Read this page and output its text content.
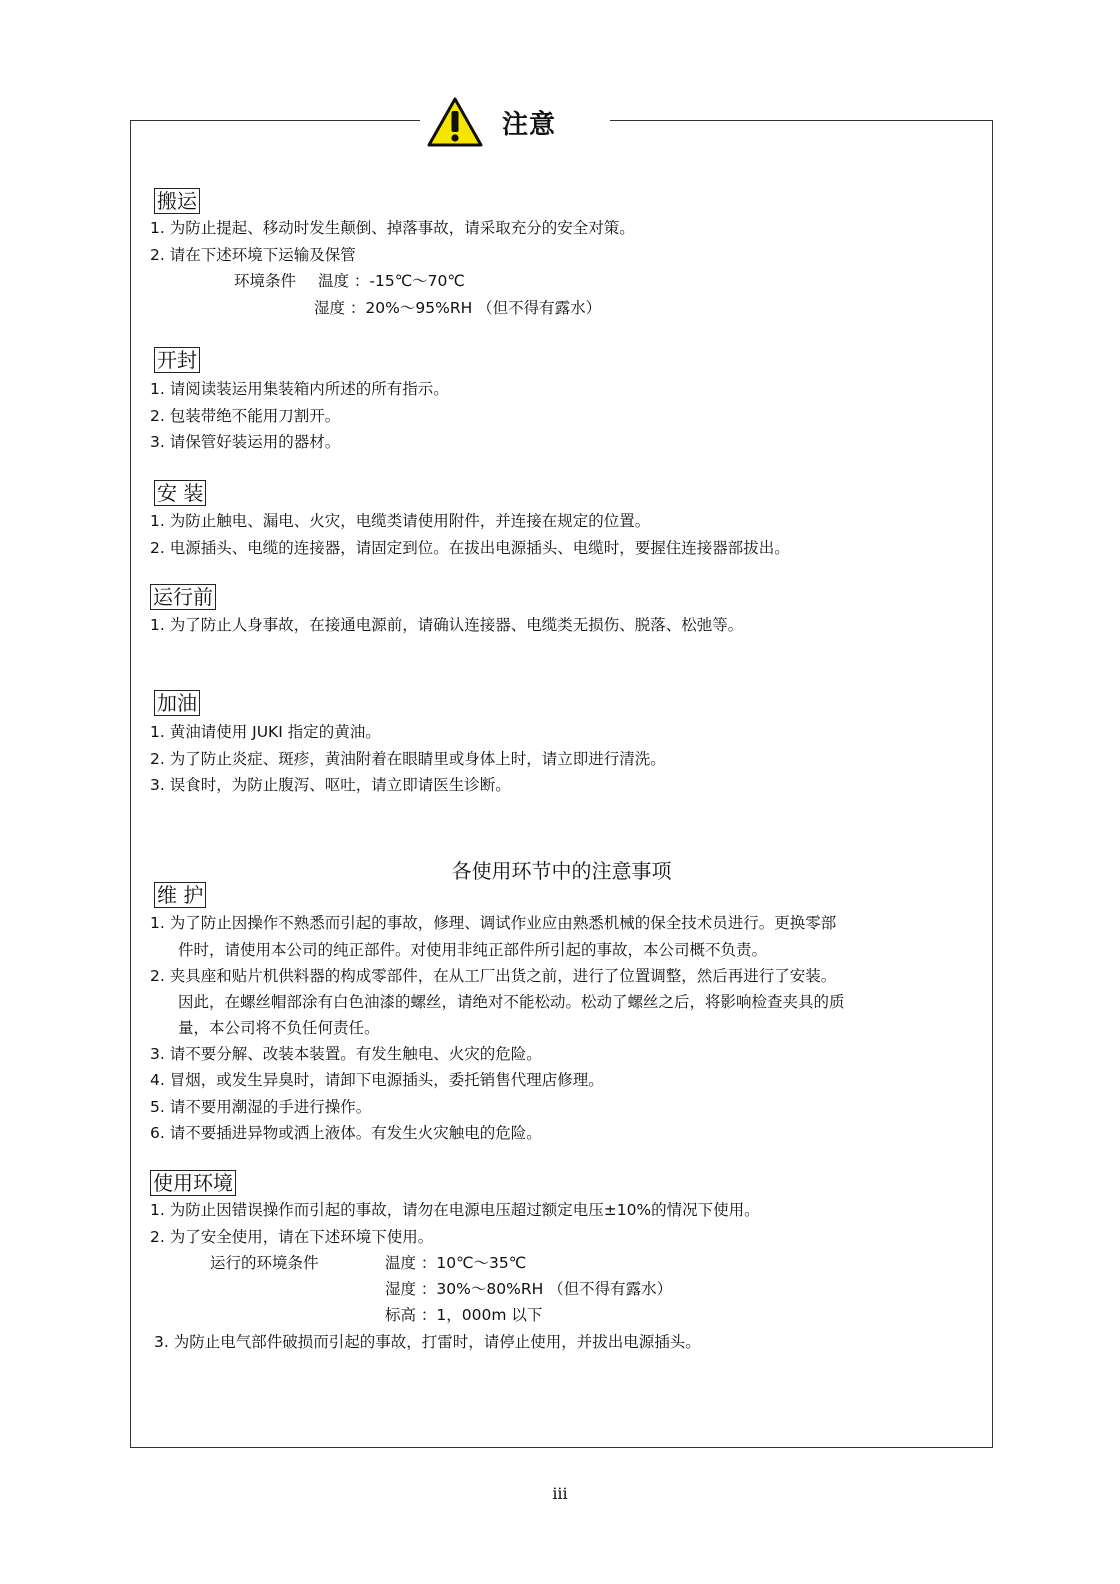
注意
搬运
1. 为防止提起、移动时发生颠倒、掉落事故，请采取充分的安全对策。
2. 请在下述环境下运输及保管
环境条件 温度 ：-15℃～70℃
湿度 ：20%～95%RH （但不得有露水）
开封
1. 请阅读装运用集装箱内所述的所有指示。
2. 包装带绝不能用刀割开。
3. 请保管好装运用的器材。
安 装
1. 为防止触电、漏电、火灾，电缆类请使用附件，并连接在规定的位置。
2. 电源插头、电缆的连接器，请固定到位。在拔出电源插头、电缆时，要握住连接器部拔出。
运行前
1. 为了防止人身事故，在接通电源前，请确认连接器、电缆类无损伤、脱落、松弛等。
加油
1. 黄油请使用 JUKI 指定的黄油。
2. 为了防止炎症、斑疹，黄油附着在眼睛里或身体上时，请立即进行清洗。
3. 误食时，为防止腹泻、呕吐，请立即请医生诊断。
各使用环节中的注意事项
维 护
1. 为了防止因操作不熟悉而引起的事故，修理、调试作业应由熟悉机械的保全技术员进行。更换零部
件时，请使用本公司的纯正部件。对使用非纯正部件所引起的事故，本公司概不负责。
2. 夹具座和贴片机供料器的构成零部件，在从工厂出货之前，进行了位置调整，然后再进行了安装。
因此，在螺丝帽部涂有白色油漆的螺丝，请绝对不能松动。松动了螺丝之后，将影响检查夹具的质
量，本公司将不负任何责任。
3. 请不要分解、改装本装置。有发生触电、火灾的危险。
4. 冒烟，或发生异臭时，请卸下电源插头，委托销售代理店修理。
5. 请不要用潮湿的手进行操作。
6. 请不要插进异物或洒上液体。有发生火灾触电的危险。
使用环境
1. 为防止因错误操作而引起的事故，请勿在电源电压超过额定电压±10%的情况下使用。
2. 为了安全使用，请在下述环境下使用。
运行的环境条件	温度 ：10℃～35℃
湿度 ：30%～80%RH （但不得有露水）
标高 ：1，000m 以下
3. 为防止电气部件破损而引起的事故，打雷时，请停止使用，并拔出电源插头。
iii
